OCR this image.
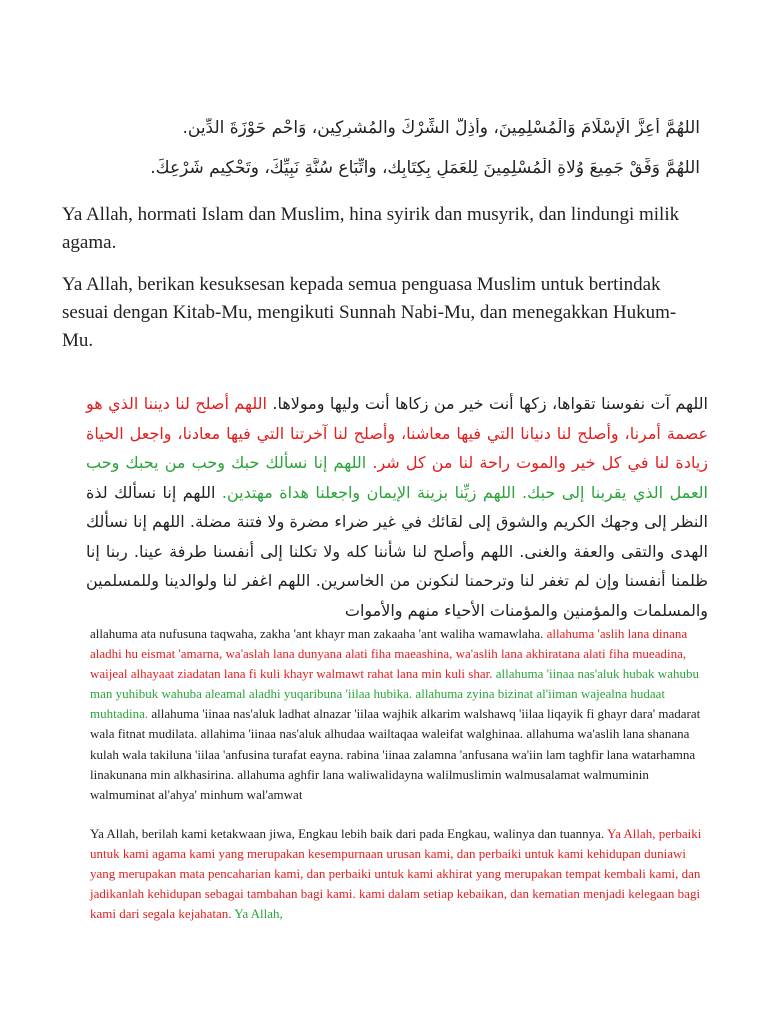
اللهُمَّ أعِزَّ الْإِسْلَامَ وَالْمُسْلِمِينَ، وأَذِلَّ الشِّرْكَ والمُشرِكِين، وَاحْمِ حَوْزَةَ الدِّين.
اللهُمَّ وَفِّقْ جَمِيعَ وُلاةِ الْمُسْلِمِينَ لِلعَمَلِ بِكِتَابِك، واتِّبَاعِ سُنَّةِ نَبِيِّكَ، وتَحْكِيمِ شَرْعِكَ.
Ya Allah, hormati Islam dan Muslim, hina syirik dan musyrik, dan lindungi milik agama.
Ya Allah, berikan kesuksesan kepada semua penguasa Muslim untuk bertindak sesuai dengan Kitab-Mu, mengikuti Sunnah Nabi-Mu, dan menegakkan Hukum-Mu.
اللهم آت نفوسنا تقواها، زكها أنت خير من زكاها أنت وليها ومولاها. اللهم أصلح لنا ديننا الذي هو عصمة أمرنا، وأصلح لنا دنيانا التي فيها معاشنا، وأصلح لنا آخرتنا التي فيها معادنا، واجعل الحياة زيادة لنا في كل خير والموت راحة لنا من كل شر. اللهم إنا نسألك حبك وحب من يحبك وحب العمل الذي يقربنا إلى حبك. اللهم زيِّنا بزينة الإيمان واجعلنا هداة مهتدين. اللهم إنا نسألك لذة النظر إلى وجهك الكريم والشوق إلى لقائك في غير ضراء مضرة ولا فتنة مضلة. اللهم إنا نسألك الهدى والتقى والعفة والغنى. اللهم وأصلح لنا شأننا كله ولا تكلنا إلى أنفسنا طرفة عينا. ربنا إنا ظلمنا أنفسنا وإن لم تغفر لنا وترحمنا لنكونن من الخاسرين. اللهم اغفر لنا ولوالدينا وللمسلمين والمسلمات والمؤمنين والمؤمنات الأحياء منهم والأموات
allahuma ata nufusuna taqwaha, zakha 'ant khayr man zakaaha 'ant waliha wamawlaha. allahuma 'aslih lana dinana aladhi hu eismat 'amarna, wa'aslah lana dunyana alati fiha maeashina, wa'aslih lana akhiratana alati fiha mueadina, waijeal alhayaat ziadatan lana fi kuli khayr walmawt rahat lana min kuli shar. allahuma 'iinaa nas'aluk hubak wahubu man yuhibuk wahuba aleamal aladhi yuqaribuna 'iilaa hubika. allahuma zyina bizinat al'iiman wajealna hudaat muhtadina. allahuma 'iinaa nas'aluk ladhat alnazar 'iilaa wajhik alkarim walshawq 'iilaa liqayik fi ghayr dara' madarat wala fitnat mudilata. allahima 'iinaa nas'aluk alhudaa wailtaqaa waleifat walghinaa. allahuma wa'aslih lana shanana kulah wala takiluna 'iilaa 'anfusina turafat eayna. rabina 'iinaa zalamna 'anfusana wa'iin lam taghfir lana watarhamna linakunana min alkhasirina. allahuma aghfir lana waliwalidayna walilmuslimin walmusalamat walmuminin walmuminat al'ahya' minhum wal'amwat
Ya Allah, berilah kami ketakwaan jiwa, Engkau lebih baik dari pada Engkau, walinya dan tuannya. Ya Allah, perbaiki untuk kami agama kami yang merupakan kesempurnaan urusan kami, dan perbaiki untuk kami kehidupan duniawi yang merupakan mata pencaharian kami, dan perbaiki untuk kami akhirat yang merupakan tempat kembali kami, dan jadikanlah kehidupan sebagai tambahan bagi kami. kami dalam setiap kebaikan, dan kematian menjadi kelegaan bagi kami dari segala kejahatan. Ya Allah,
